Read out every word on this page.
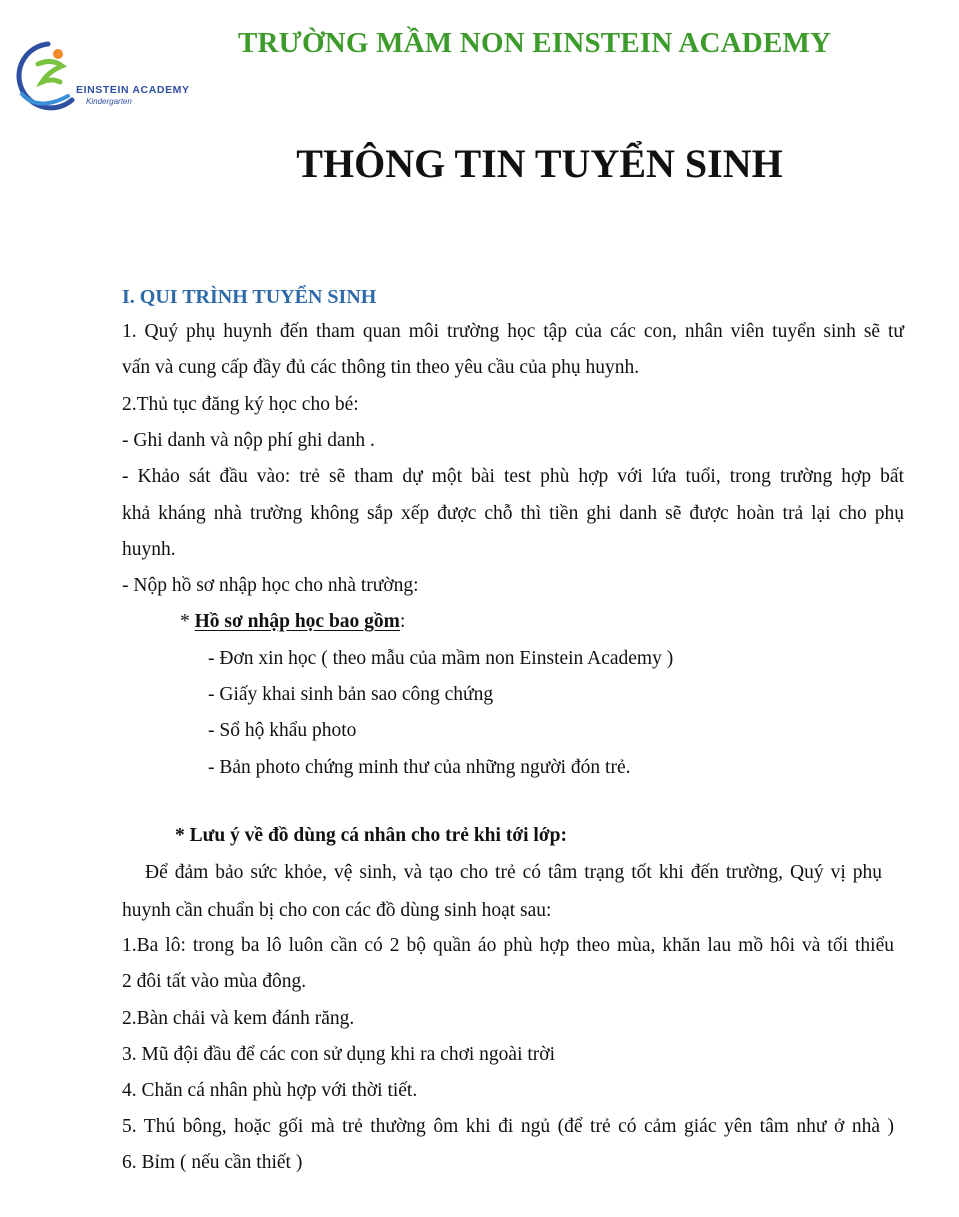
EINSTEIN ACADEMY
Kindergarten
TRƯỜNG MẦM NON EINSTEIN ACADEMY
THÔNG TIN TUYỂN SINH
I. QUI TRÌNH TUYỂN SINH
1. Quý phụ huynh đến tham quan môi trường học tập của các con, nhân viên tuyển sinh sẽ tư
vấn và cung cấp đầy đủ các thông tin theo yêu cầu của phụ huynh.
2.Thủ tục đăng ký học cho bé:
- Ghi danh và nộp phí ghi danh .
- Khảo sát đầu vào: trẻ sẽ tham dự một bài test phù hợp với lứa tuổi, trong trường hợp bất
khả kháng nhà trường không sắp xếp được chỗ thì tiền ghi danh sẽ được hoàn trả lại cho phụ
huynh.
- Nộp hồ sơ nhập học cho nhà trường:
* Hồ sơ nhập học bao gồm:
- Đơn xin học ( theo mẫu của mầm non Einstein Academy )
- Giấy khai sinh bản sao công chứng
- Sổ hộ khẩu photo
- Bản photo chứng minh thư của những người đón trẻ.
* Lưu ý về đồ dùng cá nhân cho trẻ khi tới lớp:
Để đảm bảo sức khỏe, vệ sinh, và tạo cho trẻ có tâm trạng tốt khi đến trường, Quý vị phụ
huynh cần chuẩn bị cho con các đồ dùng sinh hoạt sau:
1.Ba lô: trong ba lô luôn cần có 2 bộ quần áo phù hợp theo mùa, khăn lau mồ hôi và tối thiểu
2 đôi tất vào mùa đông.
2.Bàn chải và kem đánh răng.
3. Mũ đội đầu để các con sử dụng khi ra chơi ngoài trời
4. Chăn cá nhân phù hợp với thời tiết.
5. Thú bông, hoặc gối mà trẻ thường ôm khi đi ngủ (để trẻ có cảm giác yên tâm như ở nhà )
6. Bỉm ( nếu cần thiết )
